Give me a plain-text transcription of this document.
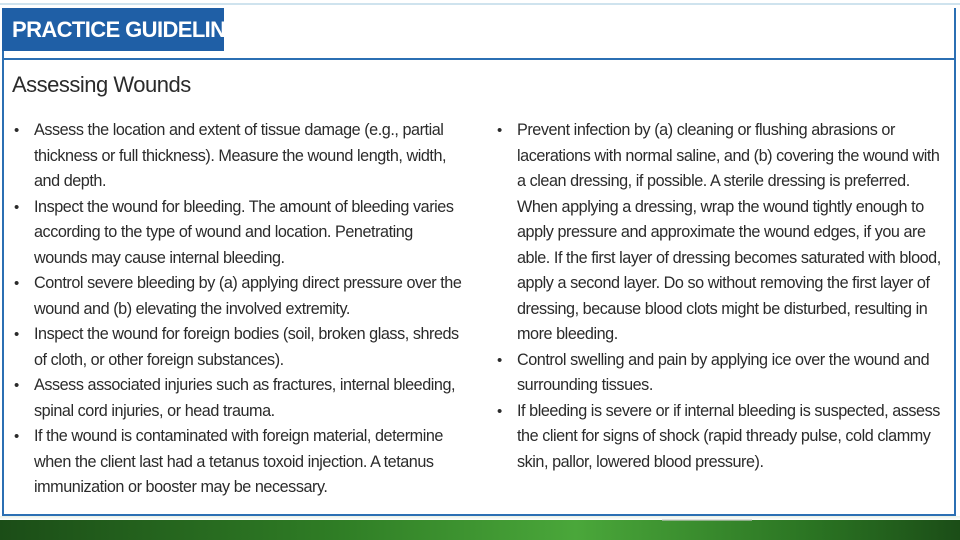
PRACTICE GUIDELINES
Assessing Wounds
• Assess the location and extent of tissue damage (e.g., partial thickness or full thickness). Measure the wound length, width, and depth.
• Inspect the wound for bleeding. The amount of bleeding varies according to the type of wound and location. Penetrating wounds may cause internal bleeding.
• Control severe bleeding by (a) applying direct pressure over the wound and (b) elevating the involved extremity.
• Inspect the wound for foreign bodies (soil, broken glass, shreds of cloth, or other foreign substances).
• Assess associated injuries such as fractures, internal bleeding, spinal cord injuries, or head trauma.
• If the wound is contaminated with foreign material, determine when the client last had a tetanus toxoid injection. A tetanus immunization or booster may be necessary.
• Prevent infection by (a) cleaning or flushing abrasions or lacerations with normal saline, and (b) covering the wound with a clean dressing, if possible. A sterile dressing is preferred. When applying a dressing, wrap the wound tightly enough to apply pressure and approximate the wound edges, if you are able. If the first layer of dressing becomes saturated with blood, apply a second layer. Do so without removing the first layer of dressing, because blood clots might be disturbed, resulting in more bleeding.
• Control swelling and pain by applying ice over the wound and surrounding tissues.
• If bleeding is severe or if internal bleeding is suspected, assess the client for signs of shock (rapid thready pulse, cold clammy skin, pallor, lowered blood pressure).
